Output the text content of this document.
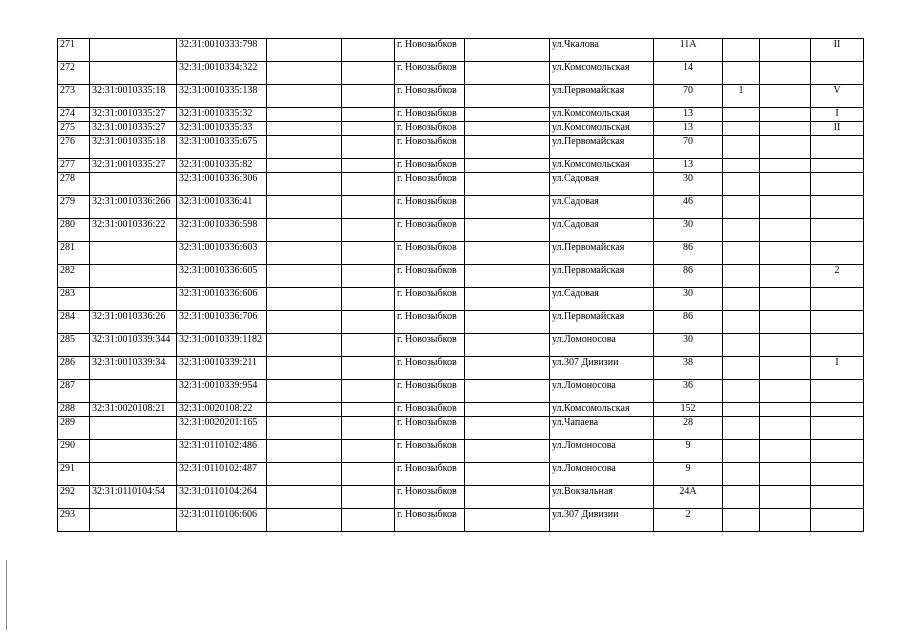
271		32:31:0010333:798			г. Новозыбков		ул.Чкалова	11А			II
272		32:31:0010334:322			г. Новозыбков		ул.Комсомольская	14			
273	32:31:0010335:18	32:31:0010335:138			г. Новозыбков		ул.Первомайская	70	1		V
274	32:31:0010335:27	32:31:0010335:32			г. Новозыбков		ул.Комсомольская	13			I
275	32:31:0010335:27	32:31:0010335:33			г. Новозыбков		ул.Комсомольская	13			II
276	32:31:0010335:18	32:31:0010335:675			г. Новозыбков		ул.Первомайская	70			
277	32:31:0010335:27	32:31:0010335:82			г. Новозыбков		ул.Комсомольская	13			
278		32:31:0010336:306			г. Новозыбков		ул.Садовая	30			
279	32:31:0010336:266	32:31:0010336:41			г. Новозыбков		ул.Садовая	46			
280	32:31:0010336:22	32:31:0010336:598			г. Новозыбков		ул.Садовая	30			
281		32:31:0010336:603			г. Новозыбков		ул.Первомайская	86			
282		32:31:0010336:605			г. Новозыбков		ул.Первомайская	86			2
283		32:31:0010336:606			г. Новозыбков		ул.Садовая	30			
284	32:31:0010336:26	32:31:0010336:706			г. Новозыбков		ул.Первомайская	86			
285	32:31:0010339:344	32:31:0010339:1182			г. Новозыбков		ул.Ломоносова	30			
286	32:31:0010339:34	32:31:0010339:211			г. Новозыбков		ул.307 Дивизии	38			I
287		32:31:0010339:954			г. Новозыбков		ул.Ломоносова	36			
288	32:31:0020108:21	32:31:0020108:22			г. Новозыбков		ул.Комсомольская	152			
289		32:31:0020201:165			г. Новозыбков		ул.Чапаева	28			
290		32:31:0110102:486			г. Новозыбков		ул.Ломоносова	9			
291		32:31:0110102:487			г. Новозыбков		ул.Ломоносова	9			
292	32:31:0110104:54	32:31:0110104:264			г. Новозыбков		ул.Вокзальная	24А			
293		32:31:0110106:606			г. Новозыбков		ул.307 Дивизии	2			
